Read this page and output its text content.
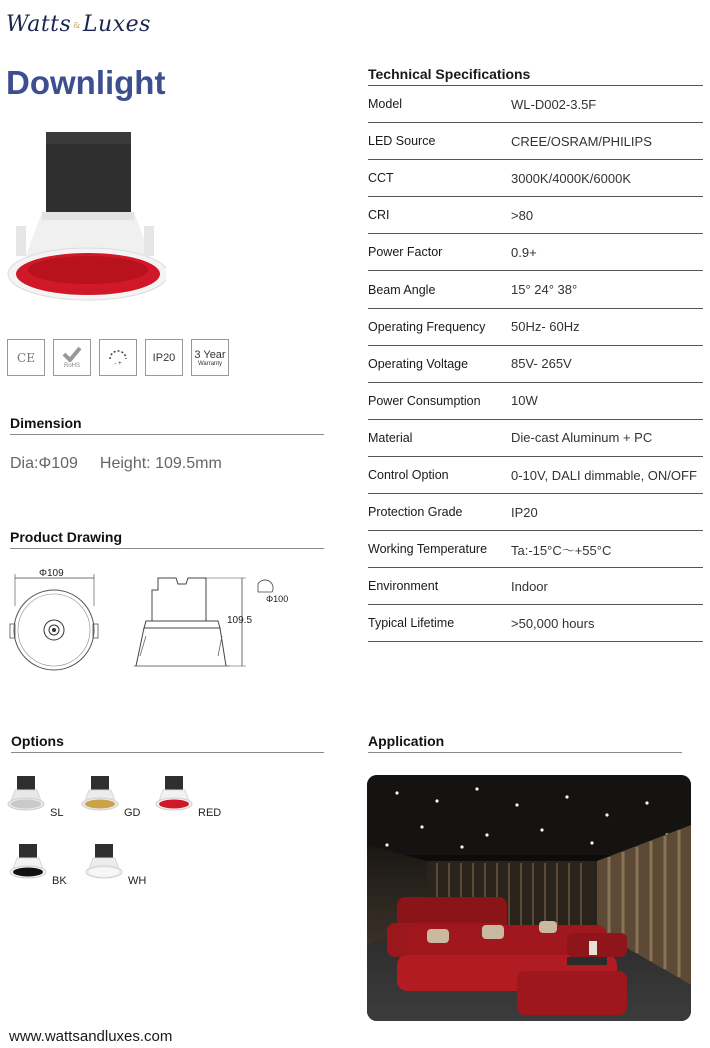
Watts &Luxes
Downlight
CE
RoHS	- +	IP20 3 Year
Warranty
Dimension
Dia:Φ109 Height: 109.5mm
Product Drawing
Φ109
109.5
Φ100
Options
SL	GD	RED
BK	WH
Technical Specifications
Model	WL-D002-3.5F
LED Source	CREE/OSRAM/PHILIPS
CCT	3000K/4000K/6000K
CRI	>80
Power Factor	0.9+
Beam Angle	15° 24° 38°
Operating Frequency	50Hz- 60Hz
Operating Voltage	85V- 265V
Power Consumption	10W
Material	Die-cast Aluminum + PC
Control Option	0-10V, DALI dimmable, ON/OFF
Protection Grade	IP20
Working Temperature	Ta:-15°C～+55°C
Environment	Indoor
Typical Lifetime	>50,000 hours
Application
www.wattsandluxes.com
